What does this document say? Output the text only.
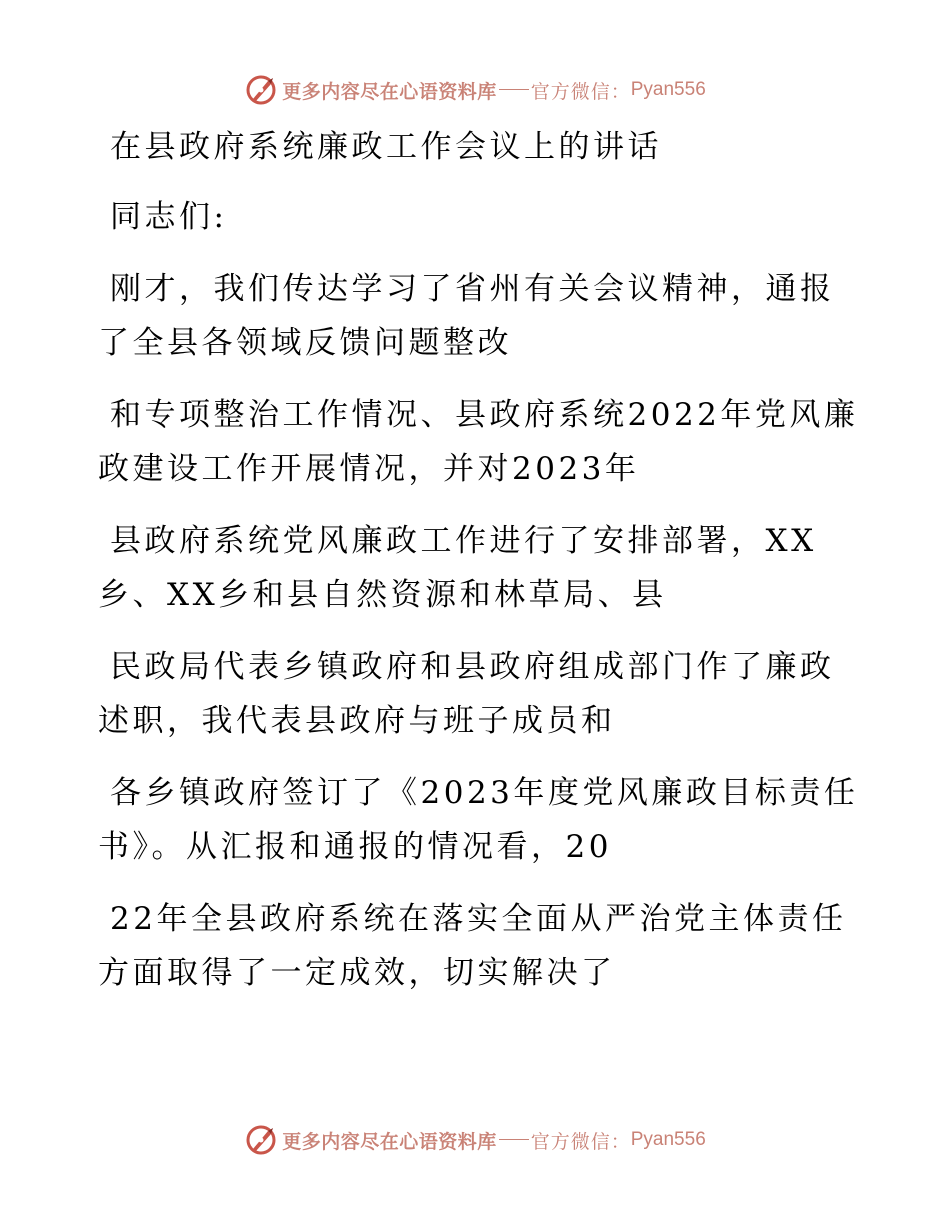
更多内容尽在心语资料库 官方微信： Pyan556
在县政府系统廉政工作会议上的讲话
同志们:
刚才，我们传达学习了省州有关会议精神，通报
了全县各领域反馈问题整改
和专项整治工作情况、县政府系统2022年党风廉
政建设工作开展情况，并对2023年
县政府系统党风廉政工作进行了安排部署，XX
乡、XX乡和县自然资源和林草局、县
民政局代表乡镇政府和县政府组成部门作了廉政
述职，我代表县政府与班子成员和
各乡镇政府签订了《2023年度党风廉政目标责任
书》。从汇报和通报的情况看，20
22年全县政府系统在落实全面从严治党主体责任
方面取得了一定成效，切实解决了
更多内容尽在心语资料库 官方微信： Pyan556
